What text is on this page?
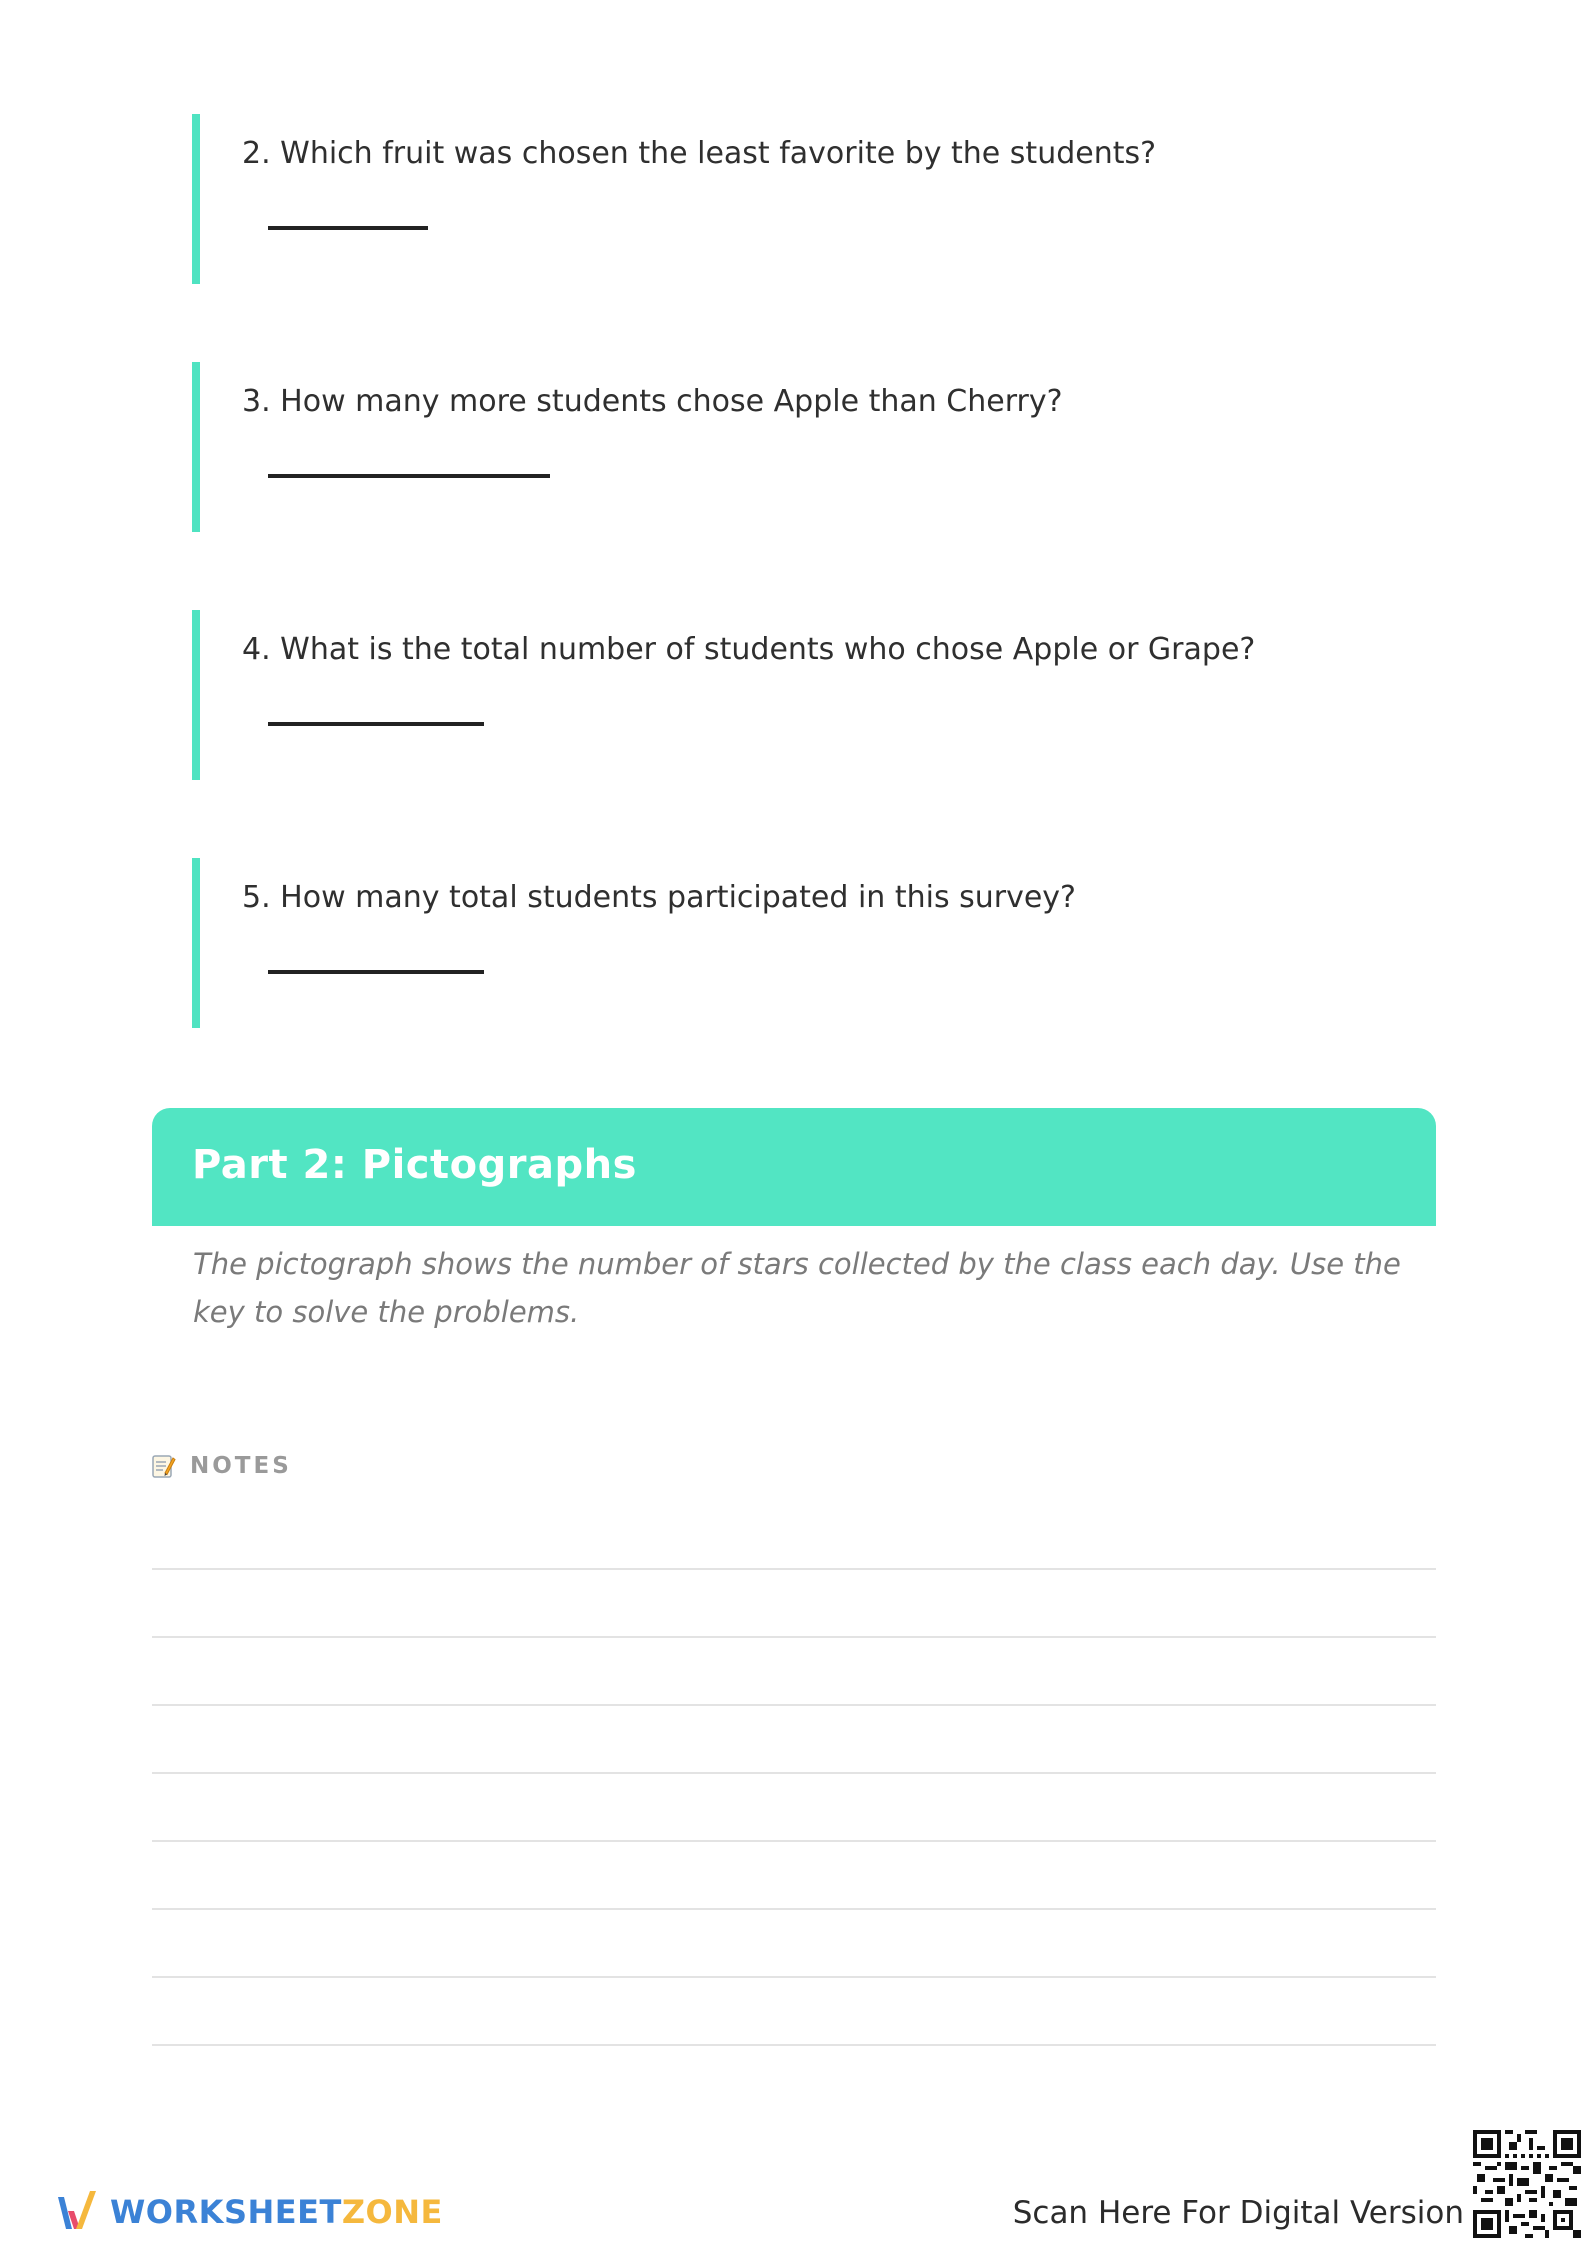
2. Which fruit was chosen the least favorite by the students?
3. How many more students chose Apple than Cherry?
4. What is the total number of students who chose Apple or Grape?
5. How many total students participated in this survey?
Part 2: Pictographs
The pictograph shows the number of stars collected by the class each day. Use the key to solve the problems.
NOTES
WORKSHEETZONE	Scan Here For Digital Version
